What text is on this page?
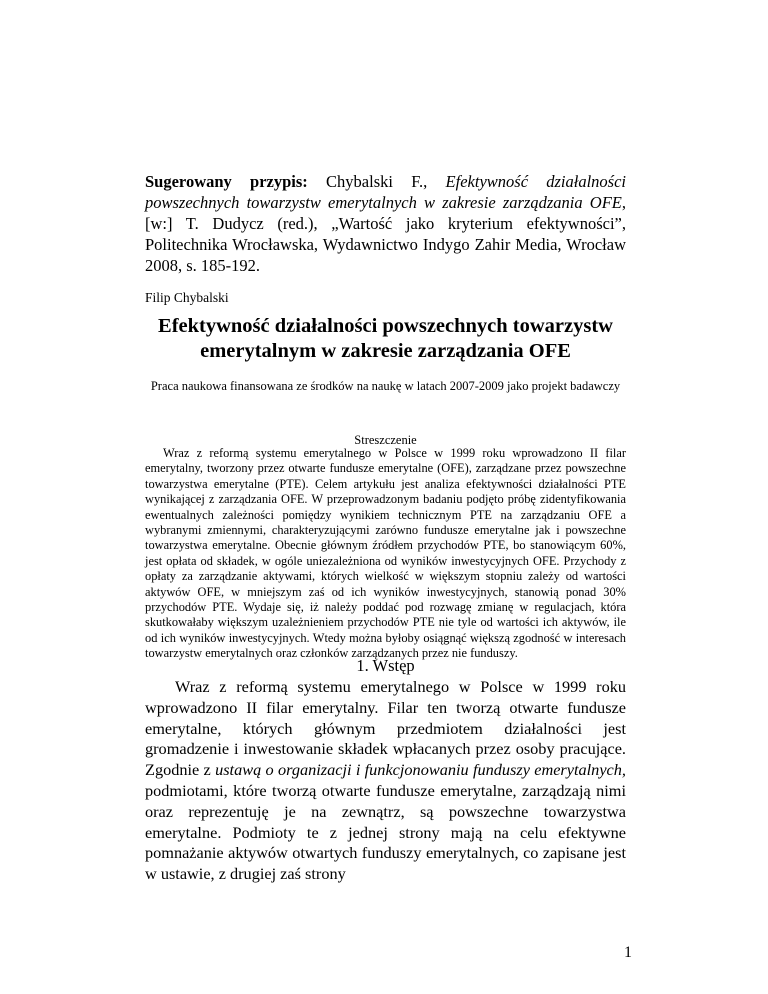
Sugerowany przypis: Chybalski F., Efektywność działalności powszechnych towarzystw emerytalnych w zakresie zarządzania OFE, [w:] T. Dudycz (red.), „Wartość jako kryterium efektywności”, Politechnika Wrocławska, Wydawnictwo Indygo Zahir Media, Wrocław 2008, s. 185-192.
Filip Chybalski
Efektywność działalności powszechnych towarzystw emerytalnym w zakresie zarządzania OFE
Praca naukowa finansowana ze środków na naukę w latach 2007-2009 jako projekt badawczy
Streszczenie
Wraz z reformą systemu emerytalnego w Polsce w 1999 roku wprowadzono II filar emerytalny, tworzony przez otwarte fundusze emerytalne (OFE), zarządzane przez powszechne towarzystwa emerytalne (PTE). Celem artykułu jest analiza efektywności działalności PTE wynikającej z zarządzania OFE. W przeprowadzonym badaniu podjęto próbę zidentyfikowania ewentualnych zależności pomiędzy wynikiem technicznym PTE na zarządzaniu OFE a wybranymi zmiennymi, charakteryzującymi zarówno fundusze emerytalne jak i powszechne towarzystwa emerytalne. Obecnie głównym źródłem przychodów PTE, bo stanowiącym 60%, jest opłata od składek, w ogóle uniezależniona od wyników inwestycyjnych OFE. Przychody z opłaty za zarządzanie aktywami, których wielkość w większym stopniu zależy od wartości aktywów OFE, w mniejszym zaś od ich wyników inwestycyjnych, stanowią ponad 30% przychodów PTE. Wydaje się, iż należy poddać pod rozwagę zmianę w regulacjach, która skutkowałaby większym uzależnieniem przychodów PTE nie tyle od wartości ich aktywów, ile od ich wyników inwestycyjnych. Wtedy można byłoby osiągnąć większą zgodność w interesach towarzystw emerytalnych oraz członków zarządzanych przez nie funduszy.
1. Wstęp
Wraz z reformą systemu emerytalnego w Polsce w 1999 roku wprowadzono II filar emerytalny. Filar ten tworzą otwarte fundusze emerytalne, których głównym przedmiotem działalności jest gromadzenie i inwestowanie składek wpłacanych przez osoby pracujące. Zgodnie z ustawą o organizacji i funkcjonowaniu funduszy emerytalnych, podmiotami, które tworzą otwarte fundusze emerytalne, zarządzają nimi oraz reprezentuję je na zewnątrz, są powszechne towarzystwa emerytalne. Podmioty te z jednej strony mają na celu efektywne pomnażanie aktywów otwartych funduszy emerytalnych, co zapisane jest w ustawie, z drugiej zaś strony
1
